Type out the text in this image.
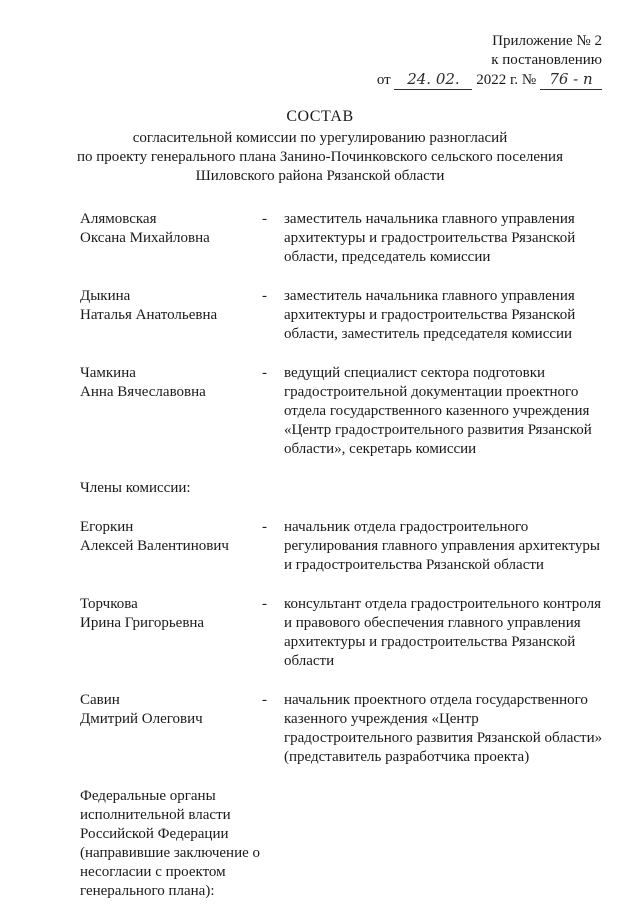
Приложение № 2
к постановлению
от 24. 02. 2022 г. № 76 - п
СОСТАВ
согласительной комиссии по урегулированию разногласий
по проекту генерального плана Занино-Починковского сельского поселения
Шиловского района Рязанской области
Алямовская
Оксана Михайловна
-	заместитель начальника главного управления архитектуры и градостроительства Рязанской области, председатель комиссии
Дыкина
Наталья Анатольевна
-	заместитель начальника главного управления архитектуры и градостроительства Рязанской области, заместитель председателя комиссии
Чамкина
Анна Вячеславовна
-	ведущий специалист сектора подготовки градостроительной документации проектного отдела государственного казенного учреждения «Центр градостроительного развития Рязанской области», секретарь комиссии
Члены комиссии:
Егоркин
Алексей Валентинович
-	начальник отдела градостроительного регулирования главного управления архитектуры и градостроительства Рязанской области
Торчкова
Ирина Григорьевна
-	консультант отдела градостроительного контроля и правового обеспечения главного управления архитектуры и градостроительства Рязанской области
Савин
Дмитрий Олегович
-	начальник проектного отдела государственного казенного учреждения «Центр градостроительного развития Рязанской области» (представитель разработчика проекта)
Федеральные органы исполнительной власти Российской Федерации (направившие заключение о несогласии с проектом генерального плана):
